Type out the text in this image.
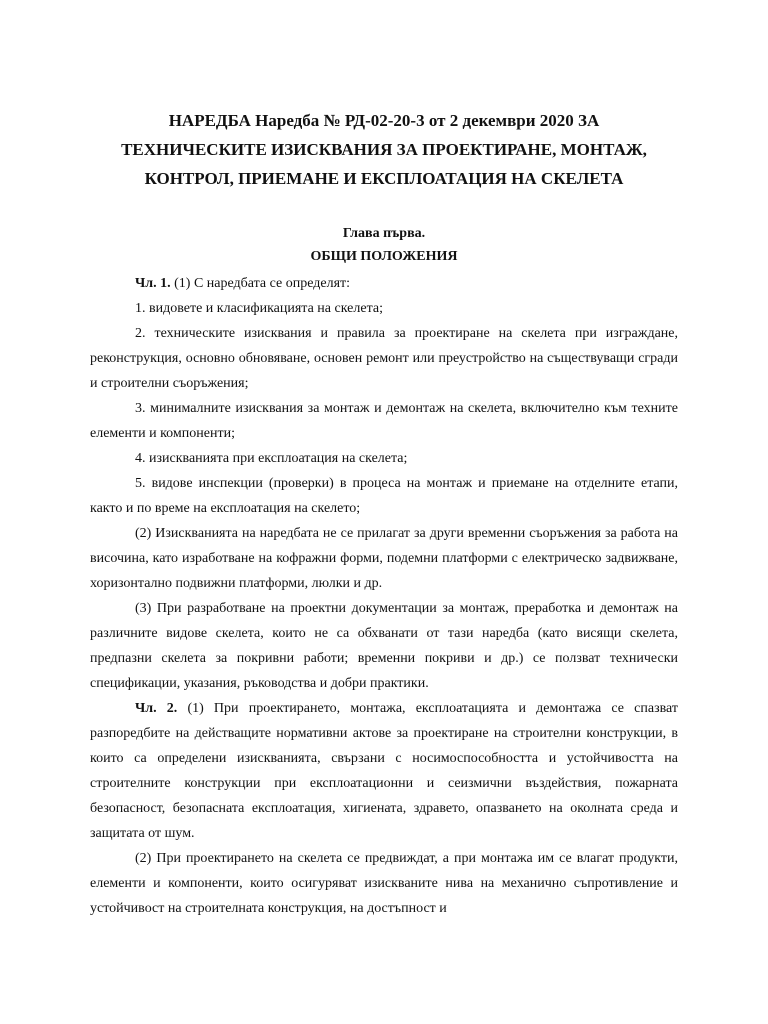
НАРЕДБА Наредба № РД-02-20-3 от 2 декември 2020 ЗА
ТЕХНИЧЕСКИТЕ ИЗИСКВАНИЯ ЗА ПРОЕКТИРАНЕ, МОНТАЖ,
КОНТРОЛ, ПРИЕМАНЕ И ЕКСПЛОАТАЦИЯ НА СКЕЛЕТА
Глава първа.
ОБЩИ ПОЛОЖЕНИЯ

Чл. 1. (1) С наредбата се определят:

1. видовете и класификацията на скелета;

2. техническите изисквания и правила за проектиране на скелета при изграждане, реконструкция, основно обновяване, основен ремонт или преустройство на съществуващи сгради и строителни съоръжения;

3. минималните изисквания за монтаж и демонтаж на скелета, включително към техните елементи и компоненти;

4. изискванията при експлоатация на скелета;

5. видове инспекции (проверки) в процеса на монтаж и приемане на отделните етапи, както и по време на експлоатация на скелето;

(2) Изискванията на наредбата не се прилагат за други временни съоръжения за работа на височина, като изработване на кофражни форми, подемни платформи с електрическо задвижване, хоризонтално подвижни платформи, люлки и др.

(3) При разработване на проектни документации за монтаж, преработка и демонтаж на различните видове скелета, които не са обхванати от тази наредба (като висящи скелета, предпазни скелета за покривни работи; временни покриви и др.) се ползват технически спецификации, указания, ръководства и добри практики.

Чл. 2. (1) При проектирането, монтажа, експлоатацията и демонтажа се спазват разпоредбите на действащите нормативни актове за проектиране на строителни конструкции, в които са определени изискванията, свързани с носимоспособността и устойчивостта на строителните конструкции при експлоатационни и сеизмични въздействия, пожарната безопасност, безопасната експлоатация, хигиената, здравето, опазването на околната среда и защитата от шум.

(2) При проектирането на скелета се предвиждат, а при монтажа им се влагат продукти, елементи и компоненти, които осигуряват изискваните нива на механично съпротивление и устойчивост на строителната конструкция, на достъпност и
